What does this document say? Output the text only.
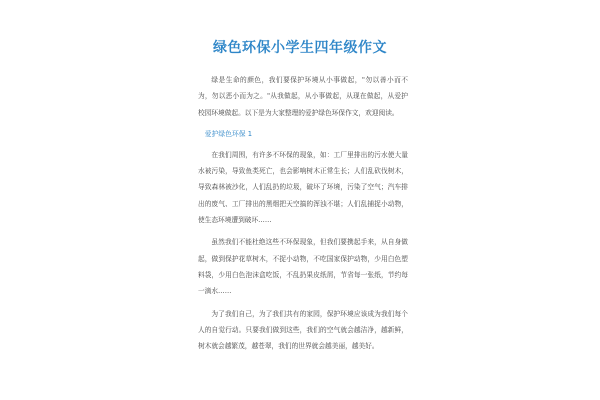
绿色环保小学生四年级作文

绿是生命的颜色，我们要保护环境从小事做起，"勿以善小而不为，勿以恶小而为之。"从我做起，从小事做起，从现在做起，从爱护校园环境做起。以下是为大家整理的爱护绿色环保作文，欢迎阅读。

爱护绿色环保 1

在我们周围，有许多不环保的现象，如：工厂里排出的污水使大量水被污染，导致鱼类死亡，也会影响树木正常生长；人们乱砍伐树木，导致森林被沙化，人们乱扔的垃圾，破坏了环境，污染了空气；汽车排出的废气、工厂排出的黑烟把天空搞的浑浊不堪；人们乱捕捉小动物，使生态环境遭到破坏……

虽然我们不能杜绝这些不环保现象，但我们要携起手来，从自身做起，做到保护花草树木，不捉小动物，不吃国家保护动物，少用白色塑料袋，少用白色泡沫盒吃饭，不乱扔果皮纸屑，节省每一张纸，节约每一滴水……

为了我们自己，为了我们共有的家园，保护环境应该成为我们每个人的自觉行动。只要我们做到这些，我们的空气就会越洁净，越新鲜，树木就会越繁茂，越苍翠，我们的世界就会越美丽，越美好。
